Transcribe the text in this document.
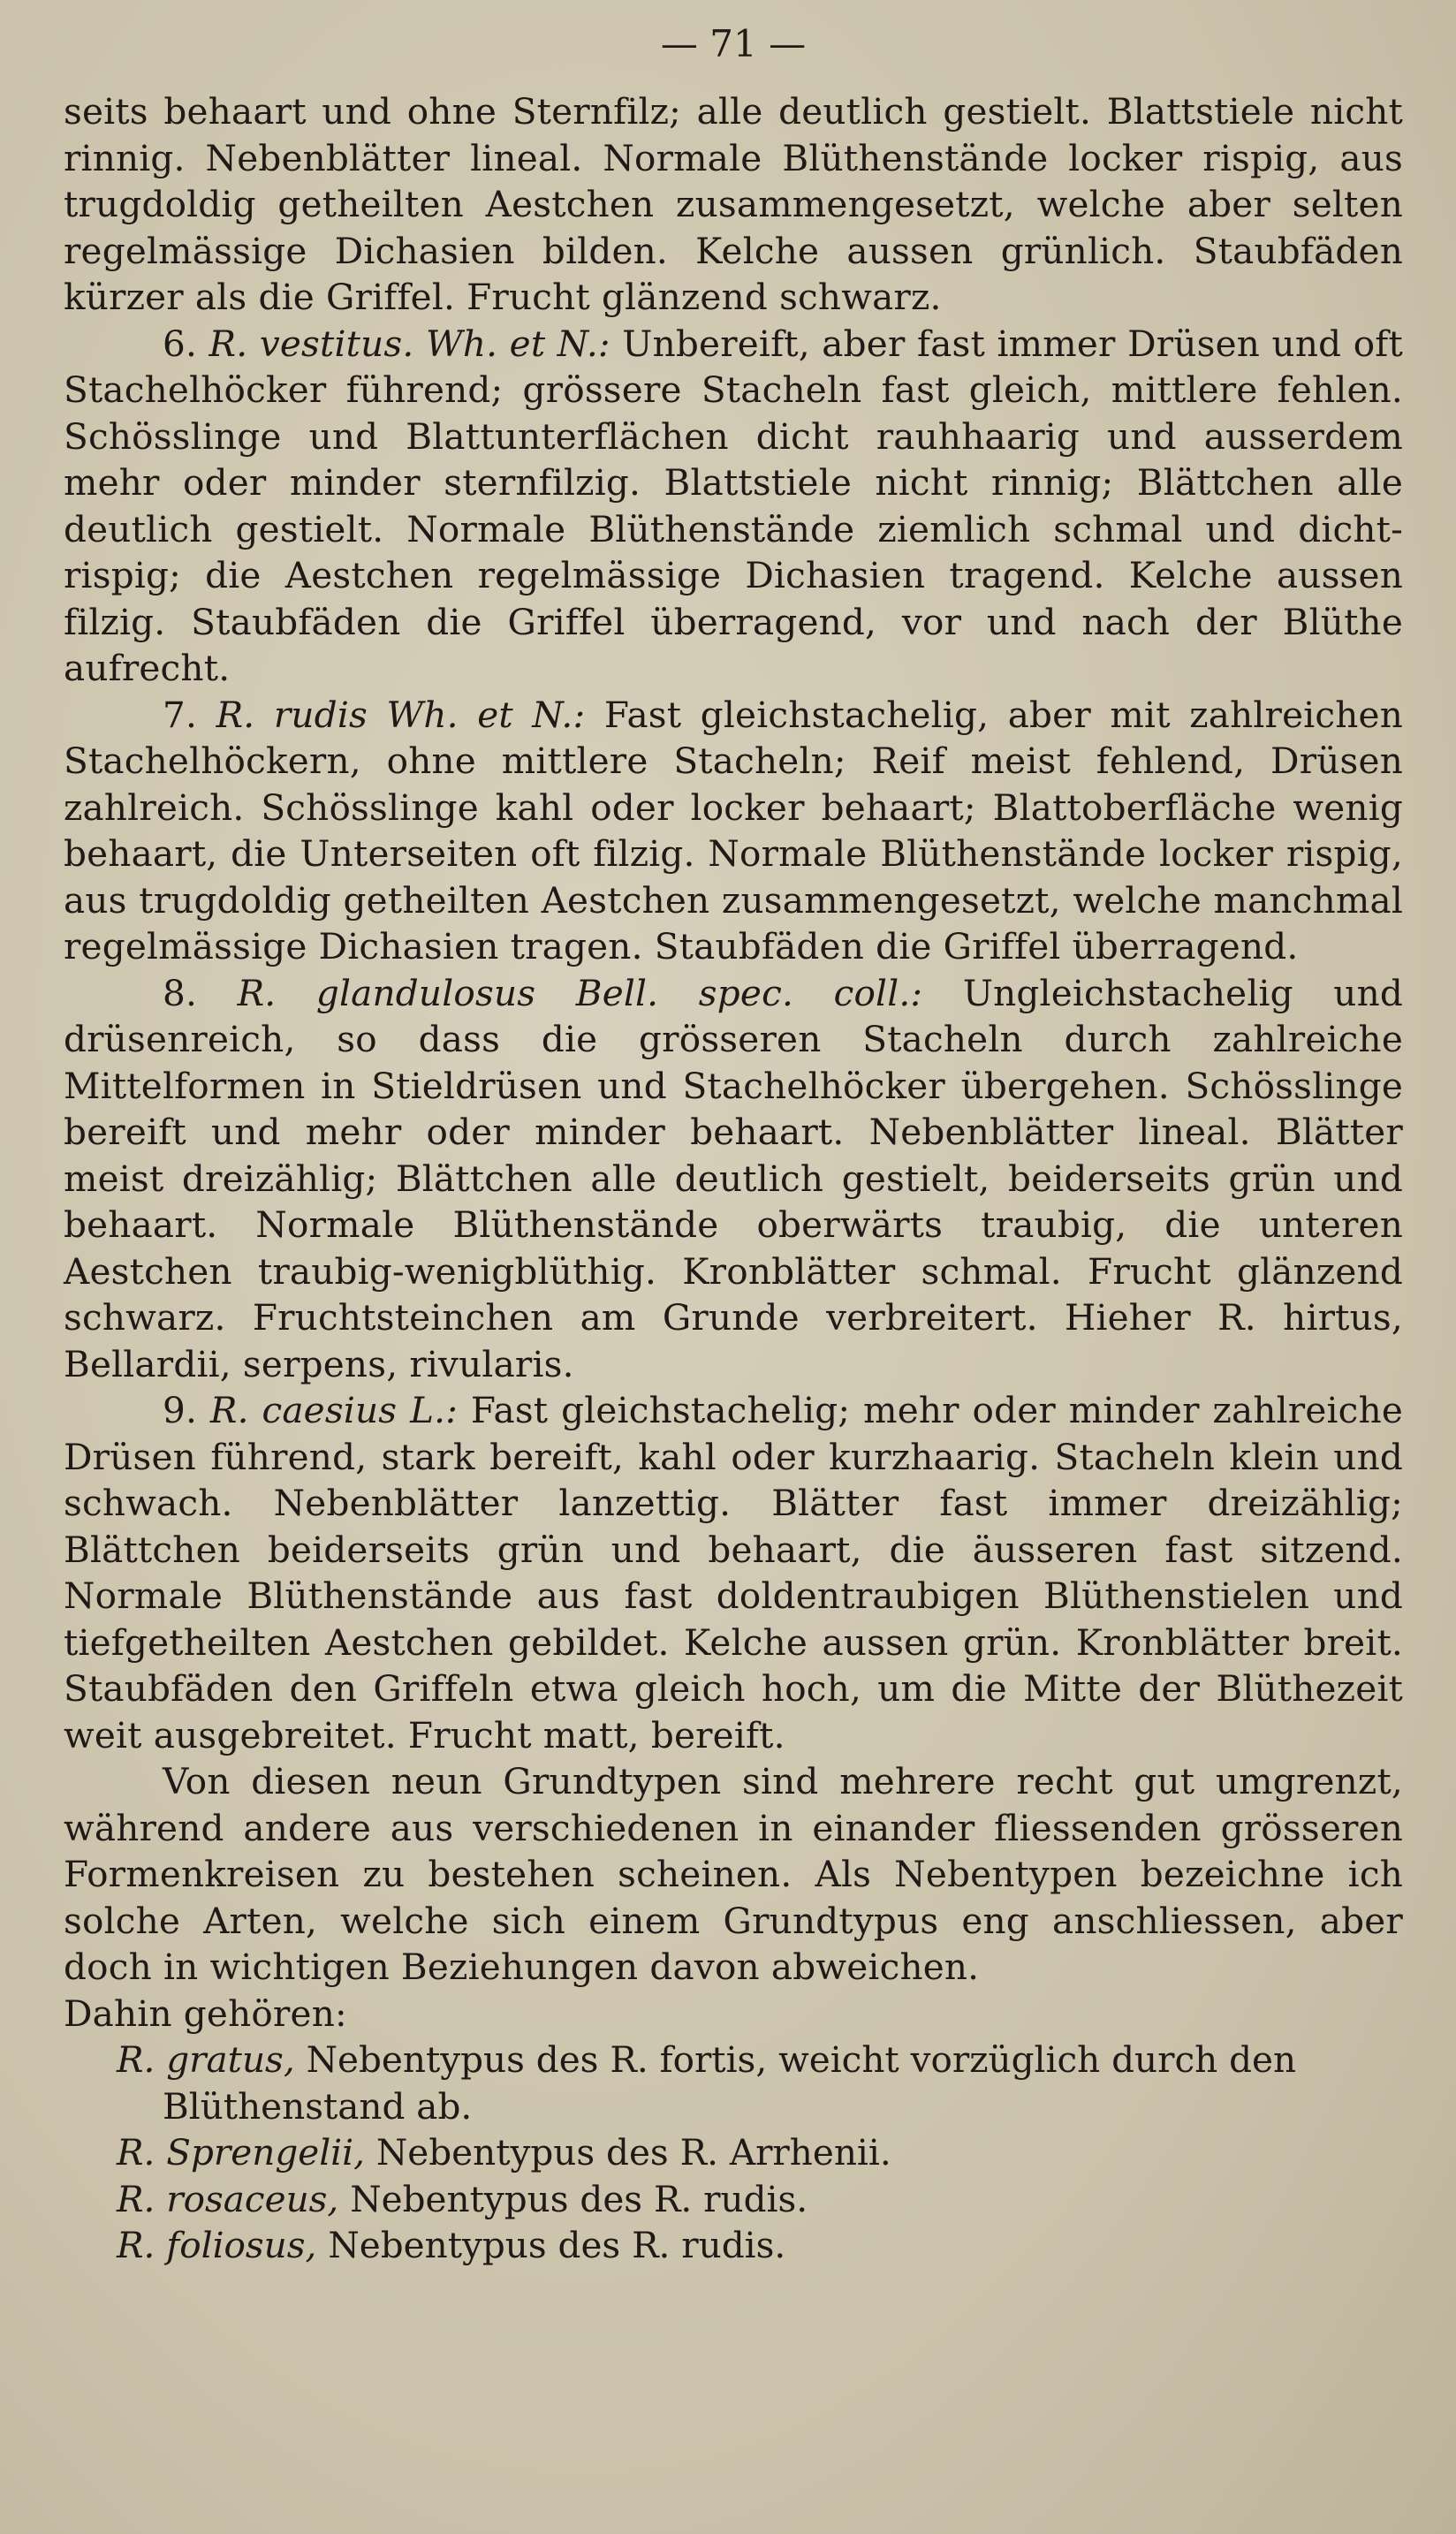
— 71 —

seits behaart und ohne Sternfilz; alle deutlich gestielt. Blattstiele nicht rinnig. Nebenblätter lineal. Normale Blüthenstände locker rispig, aus trugdoldig getheilten Aestchen zusammengesetzt, welche aber selten regelmässige Dichasien bilden. Kelche aussen grünlich. Staubfäden kürzer als die Griffel. Frucht glänzend schwarz.

6. R. vestitus. Wh. et N.: Unbereift, aber fast immer Drüsen und oft Stachelhöcker führend; grössere Stacheln fast gleich, mittlere fehlen. Schösslinge und Blattunterflächen dicht rauhhaarig und ausserdem mehr oder minder sternfilzig. Blattstiele nicht rinnig; Blättchen alle deutlich gestielt. Normale Blüthenstände ziemlich schmal und dicht-rispig; die Aestchen regelmässige Dichasien tragend. Kelche aussen filzig. Staubfäden die Griffel überragend, vor und nach der Blüthe aufrecht.

7. R. rudis Wh. et N.: Fast gleichstachelig, aber mit zahlreichen Stachelhöckern, ohne mittlere Stacheln; Reif meist fehlend, Drüsen zahlreich. Schösslinge kahl oder locker behaart; Blattoberfläche wenig behaart, die Unterseiten oft filzig. Normale Blüthenstände locker rispig, aus trugdoldig getheilten Aestchen zusammengesetzt, welche manchmal regelmässige Dichasien tragen. Staubfäden die Griffel überragend.

8. R. glandulosus Bell. spec. coll.: Ungleichstachelig und drüsenreich, so dass die grösseren Stacheln durch zahlreiche Mittelformen in Stieldrüsen und Stachelhöcker übergehen. Schösslinge bereift und mehr oder minder behaart. Nebenblätter lineal. Blätter meist dreizählig; Blättchen alle deutlich gestielt, beiderseits grün und behaart. Normale Blüthenstände oberwärts traubig, die unteren Aestchen traubig-wenigblüthig. Kronblätter schmal. Frucht glänzend schwarz. Fruchtsteinchen am Grunde verbreitert. Hieher R. hirtus, Bellardii, serpens, rivularis.

9. R. caesius L.: Fast gleichstachelig; mehr oder minder zahlreiche Drüsen führend, stark bereift, kahl oder kurzhaarig. Stacheln klein und schwach. Nebenblätter lanzettig. Blätter fast immer dreizählig; Blättchen beiderseits grün und behaart, die äusseren fast sitzend. Normale Blüthenstände aus fast doldentraubigen Blüthenstielen und tiefgetheilten Aestchen gebildet. Kelche aussen grün. Kronblätter breit. Staubfäden den Griffeln etwa gleich hoch, um die Mitte der Blüthezeit weit ausgebreitet. Frucht matt, bereift.

Von diesen neun Grundtypen sind mehrere recht gut umgrenzt, während andere aus verschiedenen in einander fliessenden grösseren Formenkreisen zu bestehen scheinen. Als Nebentypen bezeichne ich solche Arten, welche sich einem Grundtypus eng anschliessen, aber doch in wichtigen Beziehungen davon abweichen.

Dahin gehören:

R. gratus, Nebentypus des R. fortis, weicht vorzüglich durch den Blüthenstand ab.
R. Sprengelii, Nebentypus des R. Arrhenii.
R. rosaceus, Nebentypus des R. rudis.
R. foliosus, Nebentypus des R. rudis.
